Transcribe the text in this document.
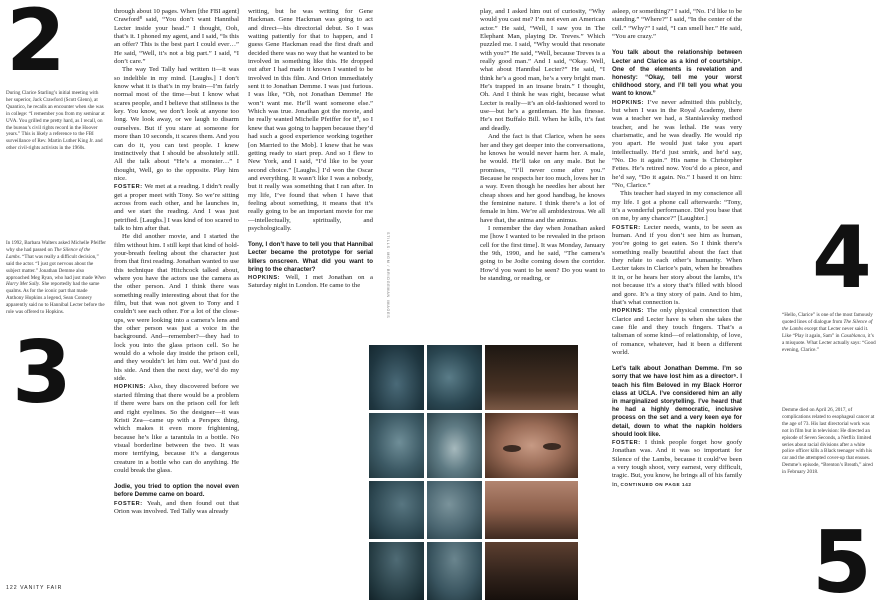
2
3
4
5

During Clarice Starling’s initial meeting with her superior, Jack Crawford (Scott Glenn), at Quantico, he recalls an encounter when she was in college: “I remember you from my seminar at UVA. You grilled me pretty hard, as I recall, on the bureau’s civil rights record in the Hoover years.” This is likely a reference to the FBI surveillance of Rev. Martin Luther King Jr. and other civil-rights activists in the 1960s.

In 1992, Barbara Walters asked Michelle Pfeiffer why she had passed on The Silence of the Lambs. “That was really a difficult decision,” said the actor. “I just got nervous about the subject matter.” Jonathan Demme also approached Meg Ryan, who had just made When Harry Met Sally. She reportedly had the same qualms. As for the iconic part that made Anthony Hopkins a legend, Sean Connery apparently said no to Hannibal Lecter before the role was offered to Hopkins.	“Hello, Clarice” is one of the most famously quoted lines of dialogue from The Silence of the Lambs except that Lecter never said it. Like “Play it again, Sam” in Casablanca, it’s a misquote. What Lecter actually says: “Good evening, Clarice.”

Demme died on April 26, 2017, of complications related to esophageal cancer at the age of 73. His last directorial work was not in film but in television: He directed an episode of Seven Seconds, a Netflix limited series about racial divisions after a white police officer kills a Black teenager with his car and the attempted cover-up that ensues. Demme’s episode, “Brenton’s Breath,” aired in February 2018.

through about 10 pages. When [the FBI agent] Crawford⁸ said, “You don’t want Hannibal Lecter inside your head.” I thought, Ooh, that’s it. I phoned my agent, and I said, “Is this an offer? This is the best part I could ever…” He said, “Well, it’s not a big part.” I said, “I don’t care.”

The way Ted Tally had written it—it was so indelible in my mind. [Laughs.] I don’t know what it is that’s in my brain—I’m fairly normal most of the time—but I know what scares people, and I believe that stillness is the key. You know, we don’t look at anyone too long. We look away, or we laugh to disarm ourselves. But if you stare at someone for more than 10 seconds, it scares them. And you can do it, you can test people. I knew instinctively that I should be absolutely still. All the talk about “He’s a monster…” I thought, Well, go to the opposite. Play him nice.

FOSTER: We met at a reading. I didn’t really get a proper meet with Tony. So we’re sitting across from each other, and he launches in, and we start the reading. And I was just petrified. [Laughs.] I was kind of too scared to talk to him after that.

He did another movie, and I started the film without him. I still kept that kind of hold-your-breath feeling about the character just from that first reading. Jonathan wanted to use this technique that Hitchcock talked about, where you have the actors use the camera as the other person. And I think there was something really interesting about that for the film, but that was not given to Tony and I couldn’t see each other. For a lot of the close-ups, we were looking into a camera’s lens and the other person was just a voice in the background. And—remember?—they had to lock you into the glass prison cell. So he would do a whole day inside the prison cell, and they wouldn’t let him out. We’d just do his side. And then the next day, we’d do my side.

HOPKINS: Also, they discovered before we started filming that there would be a problem if there were bars on the prison cell for left and right eyelines. So the designer—it was Kristi Zea—came up with a Perspex thing, which makes it even more frightening, because he’s like a tarantula in a bottle. No visual borderline between the two. It was more terrifying, because it’s a dangerous creature in a bottle who can do anything. He could break the glass.

Jodie, you tried to option the novel even before Demme came on board.

FOSTER: Yeah, and then found out that Orion was involved. Ted Tally was already

writing, but he was writing for Gene Hackman. Gene Hackman was going to act and direct—his directorial debut. So I was waiting patiently for that to happen, and I guess Gene Hackman read the first draft and decided there was no way that he wanted to be involved in something like this. He dropped out after I had made it known I wanted to be involved in this film. And Orion immediately sent it to Jonathan Demme. I was just furious. I was like, “Oh, not Jonathan Demme! He won’t want me. He’ll want someone else.” Which was true. Jonathan got the movie, and he really wanted Michelle Pfeiffer for it⁹, so I knew that was going to happen because they’d had such a good experience working together [on Married to the Mob]. I knew that he was getting ready to start prep. And so I flew to New York, and I said, “I’d like to be your second choice.” [Laughs.] I’d won the Oscar and everything. It wasn’t like I was a nobody, but it really was something that I ran after. In my life, I’ve found that when I have that feeling about something, it means that it’s really going to be an important movie for me—intellectually, spiritually, and psychologically.

Tony, I don’t have to tell you that Hannibal Lecter became the prototype for serial killers onscreen. What did you want to bring to the character?

HOPKINS: Well, I met Jonathan on a Saturday night in London. He came to the

play, and I asked him out of curiosity, “Why would you cast me? I’m not even an American actor.” He said, “Well, I saw you in The Elephant Man, playing Dr. Treves.” Which puzzled me. I said, “Why would that resonate with you?” He said, “Well, because Treves is a really good man.” And I said, “Okay. Well, what about Hannibal Lecter?” He said, “I think he’s a good man, he’s a very bright man. He’s trapped in an insane brain.” I thought, Oh. And I think he was right, because what Lecter is really—it’s an old-fashioned word to use—but he’s a gentleman. He has finesse. He’s not Buffalo Bill. When he kills, it’s fast and deadly.

And the fact is that Clarice, when he sees her and they get deeper into the conversations, he knows he would never harm her. A male, he would. He’ll take on any male. But he promises, “I’ll never come after you.” Because he respects her too much, loves her in a way. Even though he needles her about her cheap shoes and her good handbag, he knows the feminine nature. I think there’s a lot of female in him. We’re all ambidextrous. We all have that, the anima and the animus.

I remember the day when Jonathan asked me [how I wanted to be revealed in the prison cell for the first time]. It was Monday, January the 9th, 1990, and he said, “The camera’s going to be Jodie coming down the corridor. How’d you want to be seen? Do you want to be standing, or reading, or

asleep, or something?” I said, “No. I’d like to be standing.” “Where?” I said, “In the center of the cell.” “Why?” I said, “I can smell her.” He said, “You are crazy.”

You talk about the relationship between Lecter and Clarice as a kind of courtship⁹. One of the elements is revelation and honesty: “Okay, tell me your worst childhood story, and I’ll tell you what you want to know.”

HOPKINS: I’ve never admitted this publicly, but when I was in the Royal Academy, there was a teacher we had, a Stanislavsky method teacher, and he was lethal. He was very charismatic, and he was deadly. He would rip you apart. He would just take you apart intellectually. He’d just smirk, and he’d say, “No. Do it again.” His name is Christopher Fettes. He’s retired now. You’d do a piece, and he’d say, “Do it again. No.” I based it on him: “No, Clarice.”

This teacher had stayed in my conscience all my life. I got a phone call afterwards: “Tony, it’s a wonderful performance. Did you base that on me, by any chance?” [Laughter.]

FOSTER: Lecter needs, wants, to be seen as human. And if you don’t see him as human, you’re going to get eaten. So I think there’s something really beautiful about the fact that they relate to each other’s humanity. When Lecter takes in Clarice’s pain, when he breathes it in, or he hears her story about the lambs, it’s not because it’s a story that’s filled with blood and gore. It’s a tiny story of pain. And to him, that’s what connection is.

HOPKINS: The only physical connection that Clarice and Lecter have is when she takes the case file and they touch fingers. That’s a talisman of some kind—of relationship, of love, of romance, whatever, had it been a different world.

Let’s talk about Jonathan Demme. I’m so sorry that we have lost him as a director⁵. I teach his film Beloved in my Black Horror class at UCLA. I’ve considered him an ally in marginalized storytelling. I’ve heard that he had a highly democratic, inclusive process on the set and a very keen eye for detail, down to what the napkin holders should look like.

FOSTER: I think people forget how goofy Jonathan was. And it was so important for Silence of the Lambs, because it could’ve been a very tough shoot, very earnest, very difficult, tragic. But, you know, he brings all of his family in, CONTINUED ON PAGE 142

STILLS: MGM / BRIDGEMAN IMAGES
122 VANITY FAIR
